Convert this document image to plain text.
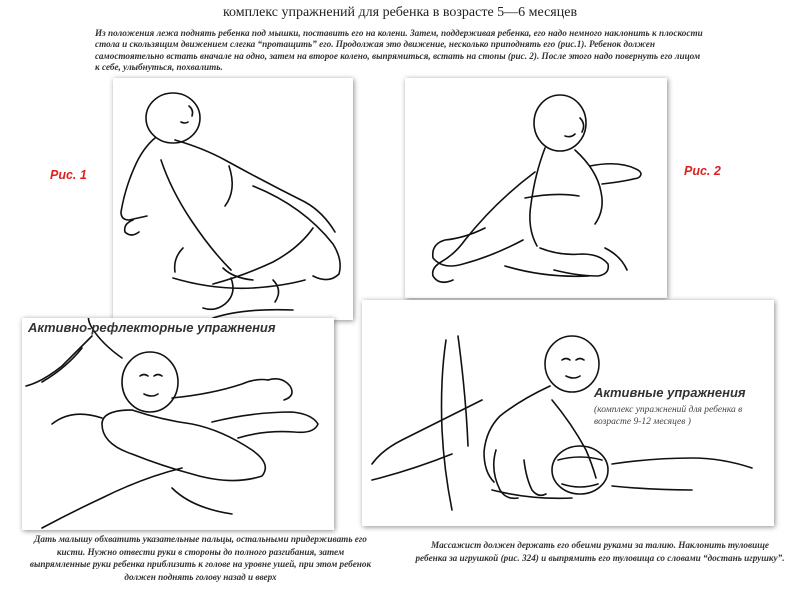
комплекс упражнений для ребенка в возрасте 5—6 месяцев
Из положения лежа поднять ребенка под мышки, поставить его на колени. Затем, поддерживая ребенка, его надо немного наклонить к плоскости стола и скользящим движением слегка “протащить” его. Продолжая это движение, несколько приподнять его (рис.1). Ребенок должен самостоятельно встать вначале на одно, затем на второе колено, выпрямиться, встать на стопы (рис. 2). После этого надо повернуть его лицом к себе, улыбнуться, похвалить.
Рис. 1	Рис. 2
Активно-рефлекторные упражнения
Активные упражнения
(комплекс упражнений для ребенка в возрасте 9-12 месяцев )
Дать малышу обхватить указательные пальцы, остальными придерживать его кисти. Нужно отвести руки в стороны до полного разгибания, затем выпрямленные руки ребенка приблизить к голове на уровне ушей, при этом ребенок должен поднять голову назад и вверх
Массажист должен держать его обеими руками за талию. Наклонить туловище ребенка за игрушкой (рис. 324) и выпрямить его туловища со словами “достань игрушку”.
